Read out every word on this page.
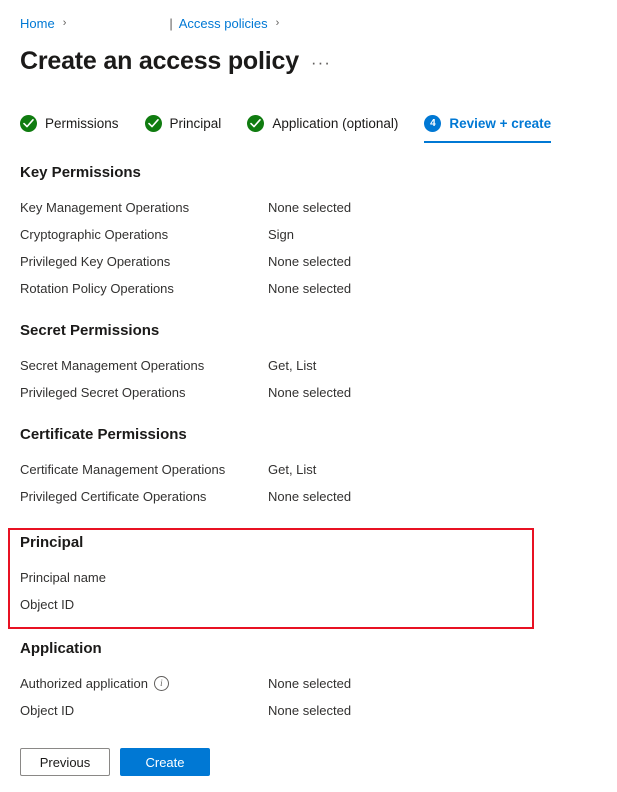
Home ›	| Access policies ›
Create an access policy ···
Permissions	Principal	Application (optional)	4	Review + create
Key Permissions
Key Management Operations	None selected
Cryptographic Operations	Sign
Privileged Key Operations	None selected
Rotation Policy Operations	None selected
Secret Permissions
Secret Management Operations	Get, List
Privileged Secret Operations	None selected
Certificate Permissions
Certificate Management Operations	Get, List
Privileged Certificate Operations	None selected
Principal
Principal name
Object ID
Application
Authorized application	i	None selected
Object ID	None selected
Previous	Create
